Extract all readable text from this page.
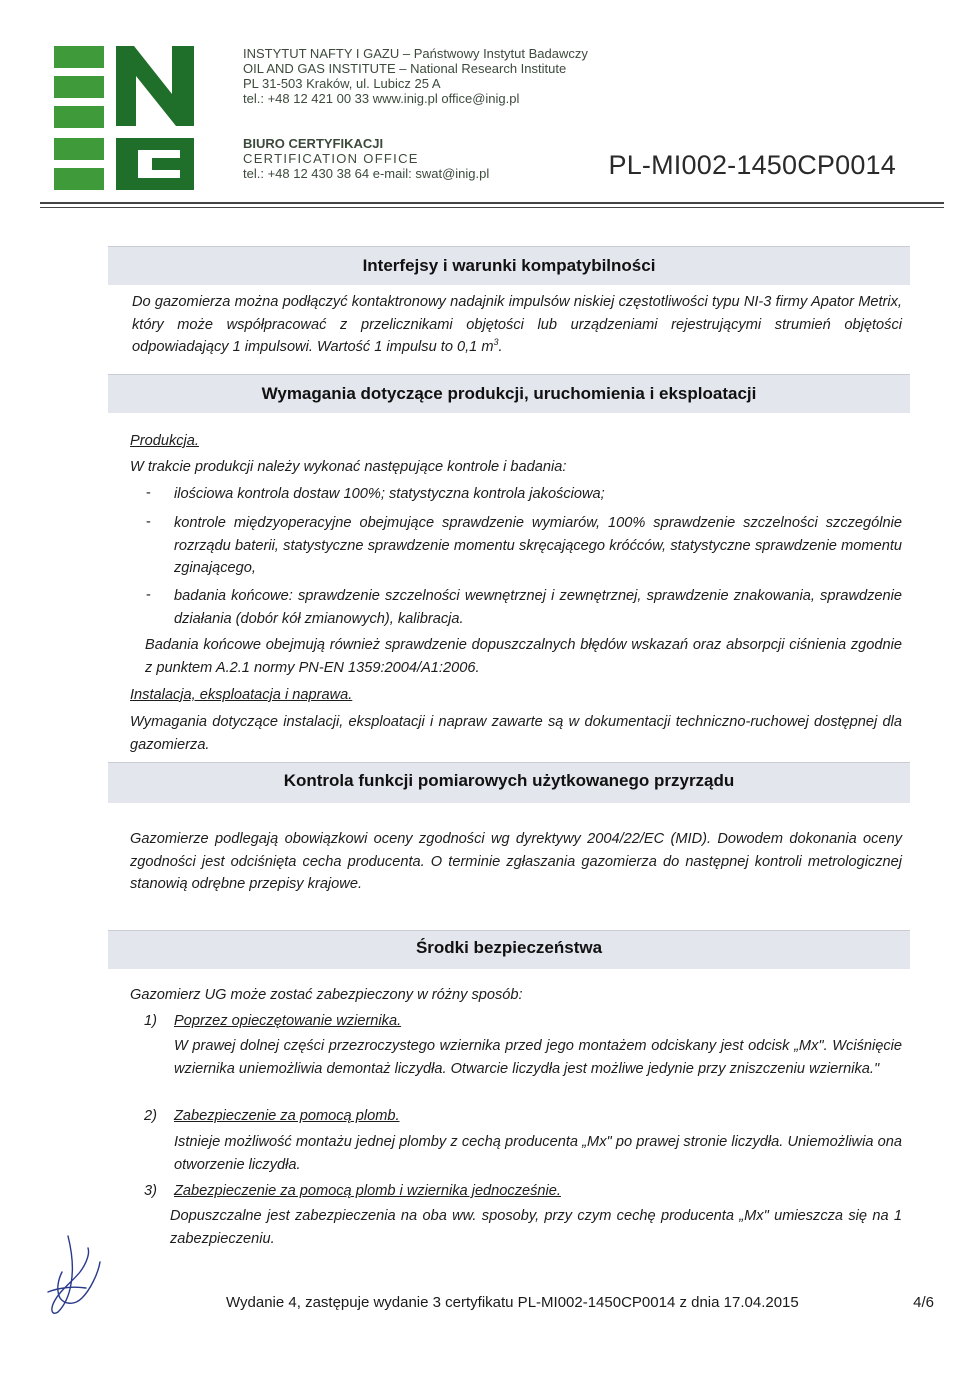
INSTYTUT NAFTY I GAZU – Państwowy Instytut Badawczy
OIL AND GAS INSTITUTE – National Research Institute
PL 31-503 Kraków, ul. Lubicz 25 A
tel.: +48 12 421 00 33 www.inig.pl office@inig.pl
BIURO CERTYFIKACJI
CERTIFICATION OFFICE
tel.: +48 12 430 38 64 e-mail: swat@inig.pl	PL-MI002-1450CP0014
Interfejsy i warunki kompatybilności
Do gazomierza można podłączyć kontaktronowy nadajnik impulsów niskiej częstotliwości typu NI-3 firmy Apator Metrix, który może współpracować z przelicznikami objętości lub urządzeniami rejestrującymi strumień objętości odpowiadający 1 impulsowi. Wartość 1 impulsu to 0,1 $m^3$.
Wymagania dotyczące produkcji, uruchomienia i eksploatacji
Produkcja.
W trakcie produkcji należy wykonać następujące kontrole i badania:
- ilościowa kontrola dostaw 100%; statystyczna kontrola jakościowa;
- kontrole międzyoperacyjne obejmujące sprawdzenie wymiarów, 100% sprawdzenie szczelności szczególnie rozrządu baterii, statystyczne sprawdzenie momentu skręcającego króćców, statystyczne sprawdzenie momentu zginającego,
- badania końcowe: sprawdzenie szczelności wewnętrznej i zewnętrznej, sprawdzenie znakowania, sprawdzenie działania (dobór kół zmianowych), kalibracja.
Badania końcowe obejmują również sprawdzenie dopuszczalnych błędów wskazań oraz absorpcji ciśnienia zgodnie z punktem A.2.1 normy PN-EN 1359:2004/A1:2006.
Instalacja, eksploatacja i naprawa.
Wymagania dotyczące instalacji, eksploatacji i napraw zawarte są w dokumentacji techniczno-ruchowej dostępnej dla gazomierza.
Kontrola funkcji pomiarowych użytkowanego przyrządu
Gazomierze podlegają obowiązkowi oceny zgodności wg dyrektywy 2004/22/EC (MID). Dowodem dokonania oceny zgodności jest odciśnięta cecha producenta. O terminie zgłaszania gazomierza do następnej kontroli metrologicznej stanowią odrębne przepisy krajowe.
Środki bezpieczeństwa
Gazomierz UG może zostać zabezpieczony w różny sposób:
1) Poprzez opieczętowanie wziernika.
W prawej dolnej części przezroczystego wziernika przed jego montażem odciskany jest odcisk „Mx". Wciśnięcie wziernika uniemożliwia demontaż liczydła. Otwarcie liczydła jest możliwe jedynie przy zniszczeniu wziernika."
2) Zabezpieczenie za pomocą plomb.
Istnieje możliwość montażu jednej plomby z cechą producenta „Mx" po prawej stronie liczydła. Uniemożliwia ona otworzenie liczydła.
3) Zabezpieczenie za pomocą plomb i wziernika jednocześnie.
Dopuszczalne jest zabezpieczenia na oba ww. sposoby, przy czym cechę producenta „Mx" umieszcza się na 1 zabezpieczeniu.
Wydanie 4, zastępuje wydanie 3 certyfikatu PL-MI002-1450CP0014 z dnia 17.04.2015	4/6
